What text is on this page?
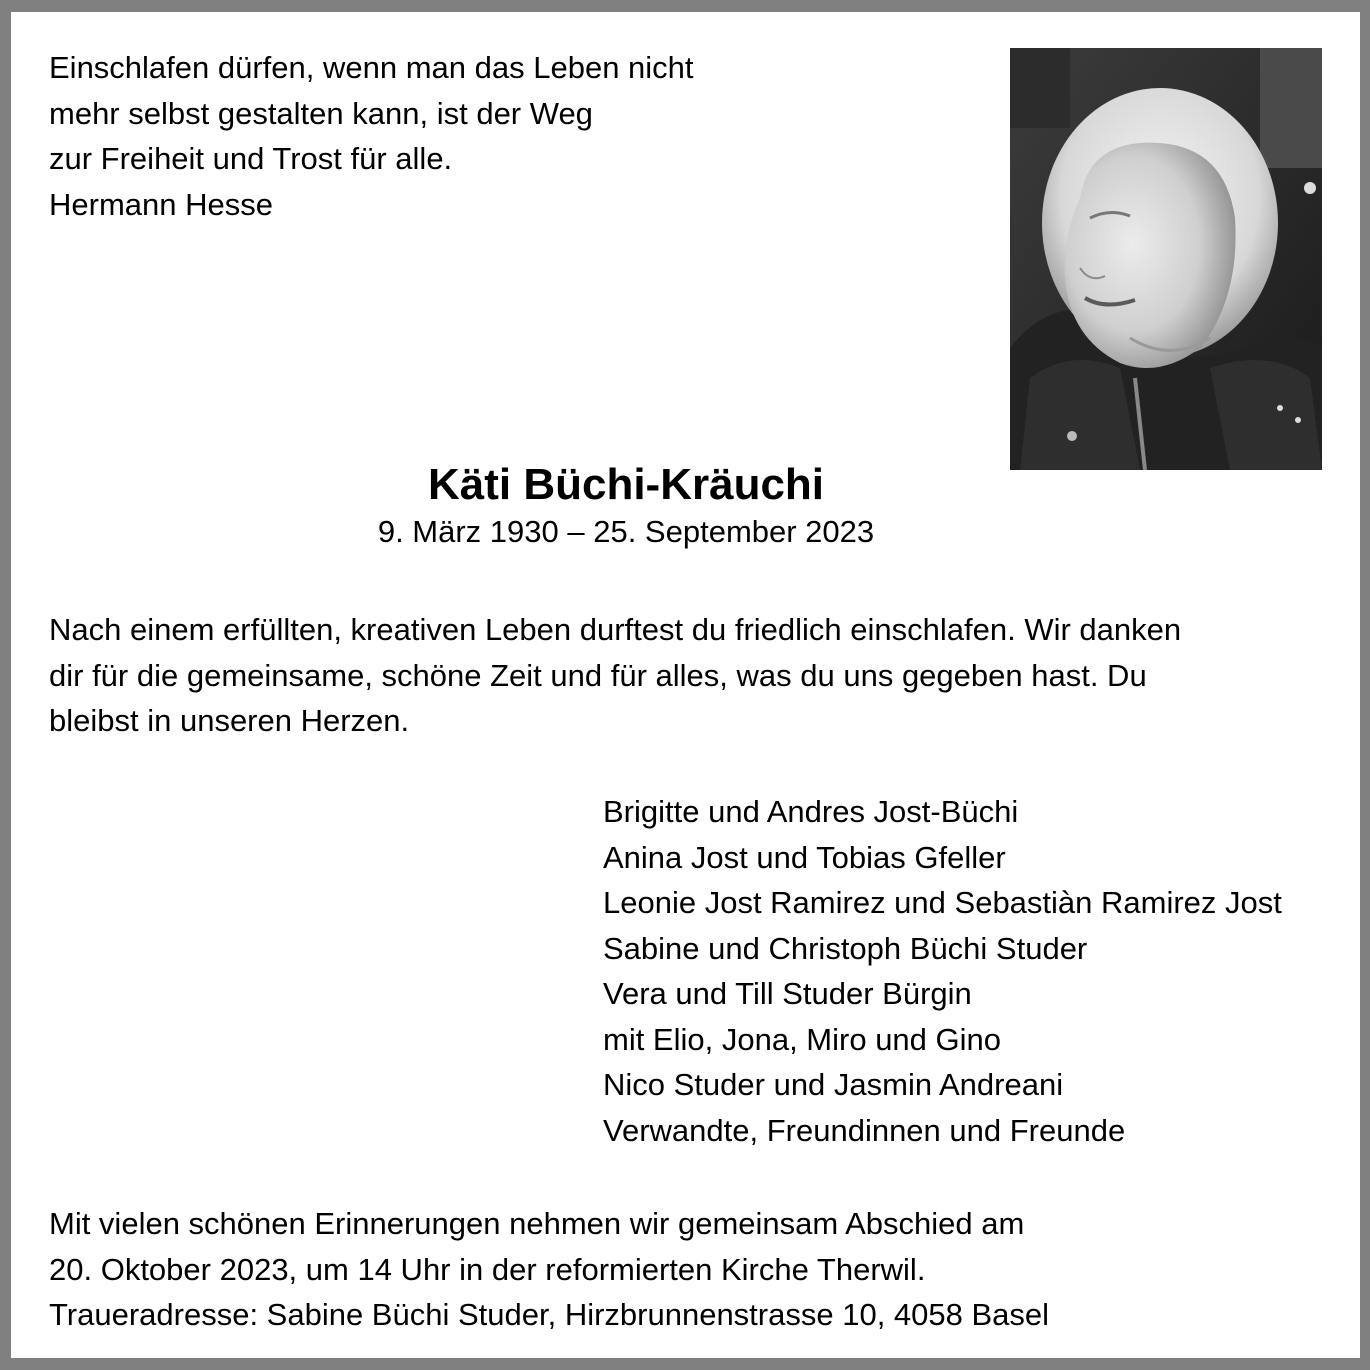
Einschlafen dürfen, wenn man das Leben nicht
mehr selbst gestalten kann, ist der Weg
zur Freiheit und Trost für alle.
Hermann Hesse
Käti Büchi-Kräuchi
9. März 1930 – 25. September 2023
Nach einem erfüllten, kreativen Leben durftest du friedlich einschlafen. Wir danken
dir für die gemeinsame, schöne Zeit und für alles, was du uns gegeben hast. Du
bleibst in unseren Herzen.
Brigitte und Andres Jost-Büchi
Anina Jost und Tobias Gfeller
Leonie Jost Ramirez und Sebastiàn Ramirez Jost
Sabine und Christoph Büchi Studer
Vera und Till Studer Bürgin
mit Elio, Jona, Miro und Gino
Nico Studer und Jasmin Andreani
Verwandte, Freundinnen und Freunde
Mit vielen schönen Erinnerungen nehmen wir gemeinsam Abschied am
20. Oktober 2023, um 14 Uhr in der reformierten Kirche Therwil.
Traueradresse: Sabine Büchi Studer, Hirzbrunnenstrasse 10, 4058 Basel
